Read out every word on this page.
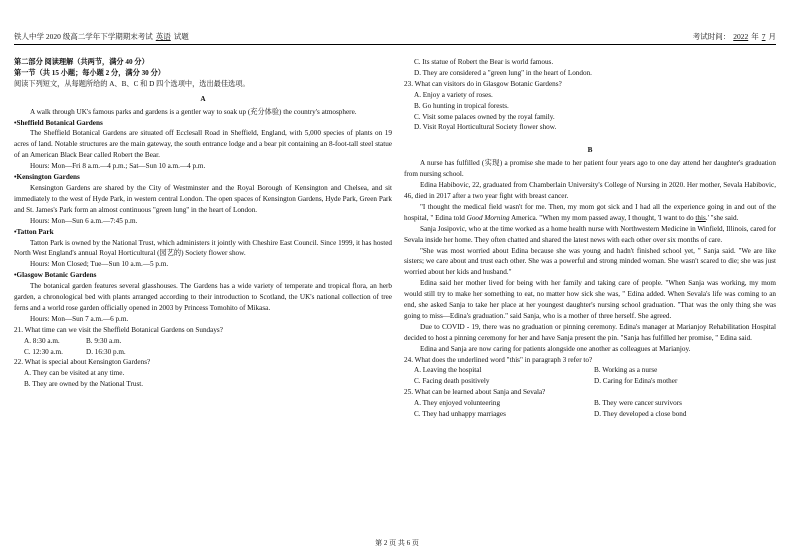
铁人中学 2020 级高二学年下学期期末考试 英语 试题	考试时间： 2022 年 7 月

第二部分 阅读理解（共两节，满分 40 分）

第一节（共 15 小题；每小题 2 分，满分 30 分）

阅读下列短文，从每题所给的 A、B、C 和 D 四个选项中，选出最佳选项。

A

A walk through UK's famous parks and gardens is a gentler way to soak up (充分体验) the country's atmosphere.

•Sheffield Botanical Gardens

The Sheffield Botanical Gardens are situated off Ecclesall Road in Sheffield, England, with 5,000 species of plants on 19 acres of land. Notable structures are the main gateway, the south entrance lodge and a bear pit containing an 8-foot-tall steel statue of an American Black Bear called Robert the Bear.

Hours: Mon—Fri 8 a.m.—4 p.m.; Sat—Sun 10 a.m.—4 p.m.

•Kensington Gardens

Kensington Gardens are shared by the City of Westminster and the Royal Borough of Kensington and Chelsea, and sit immediately to the west of Hyde Park, in western central London. The open spaces of Kensington Gardens, Hyde Park, Green Park and St. James's Park form an almost continuous "green lung" in the heart of London.

Hours: Mon—Sun 6 a.m.—7:45 p.m.

•Tatton Park

Tatton Park is owned by the National Trust, which administers it jointly with Cheshire East Council. Since 1999, it has hosted North West England's annual Royal Horticultural (园艺的) Society flower show.

Hours: Mon Closed; Tue—Sun 10 a.m.—5 p.m.

•Glasgow Botanic Gardens

The botanical garden features several glasshouses. The Gardens has a wide variety of temperate and tropical flora, an herb garden, a chronological bed with plants arranged according to their introduction to Scotland, the UK's national collection of tree ferns and a world rose garden officially opened in 2003 by Princess Tomohito of Mikasa.

Hours: Mon—Sun 7 a.m.—6 p.m.

21. What time can we visit the Sheffield Botanical Gardens on Sundays?

A. 8:30 a.m.	B. 9:30 a.m.
C. 12:30 a.m.	D. 16:30 p.m.

22. What is special about Kensington Gardens?

A. They can be visited at any time.

B. They are owned by the National Trust.

C. Its statue of Robert the Bear is world famous.

D. They are considered a "green lung" in the heart of London.

23. What can visitors do in Glasgow Botanic Gardens?

A. Enjoy a variety of roses.

B. Go hunting in tropical forests.

C. Visit some palaces owned by the royal family.

D. Visit Royal Horticultural Society flower show.

B

A nurse has fulfilled (实现) a promise she made to her patient four years ago to one day attend her daughter's graduation from nursing school.

Edina Habibovic, 22, graduated from Chamberlain University's College of Nursing in 2020. Her mother, Sevala Habibovic, 46, died in 2017 after a two year fight with breast cancer.

"I thought the medical field wasn't for me. Then, my mom got sick and I had all the experience going in and out of the hospital, " Edina told Good Morning America. "When my mom passed away, I thought, 'I want to do this.' "she said.

Sanja Josipovic, who at the time worked as a home health nurse with Northwestern Medicine in Winfield, Illinois, cared for Sevala inside her home. They often chatted and shared the latest news with each other over six months of care.

"She was most worried about Edina because she was young and hadn't finished school yet, " Sanja said. "We are like sisters; we care about and trust each other. She was a powerful and strong minded woman. She wasn't scared to die; she was just worried about her kids and husband."

Edina said her mother lived for being with her family and taking care of people. "When Sanja was working, my mom would still try to make her something to eat, no matter how sick she was, " Edina added. When Sevala's life was coming to an end, she asked Sanja to take her place at her youngest daughter's nursing school graduation. "That was the only thing she was going to miss—Edina's graduation." said Sanja, who is a mother of three herself. She agreed.

Due to COVID - 19, there was no graduation or pinning ceremony. Edina's manager at Marianjoy Rehabilitation Hospital decided to host a pinning ceremony for her and have Sanja present the pin. "Sanja has fulfilled her promise, " Edina said.

Edina and Sanja are now caring for patients alongside one another as colleagues at Marianjoy.

24. What does the underlined word "this" in paragraph 3 refer to?

A. Leaving the hospital	B. Working as a nurse
C. Facing death positively	D. Caring for Edina's mother

25. What can be learned about Sanja and Sevala?

A. They enjoyed volunteering	B. They were cancer survivors
C. They had unhappy marriages	D. They developed a close bond
第 2 页 共 6 页
